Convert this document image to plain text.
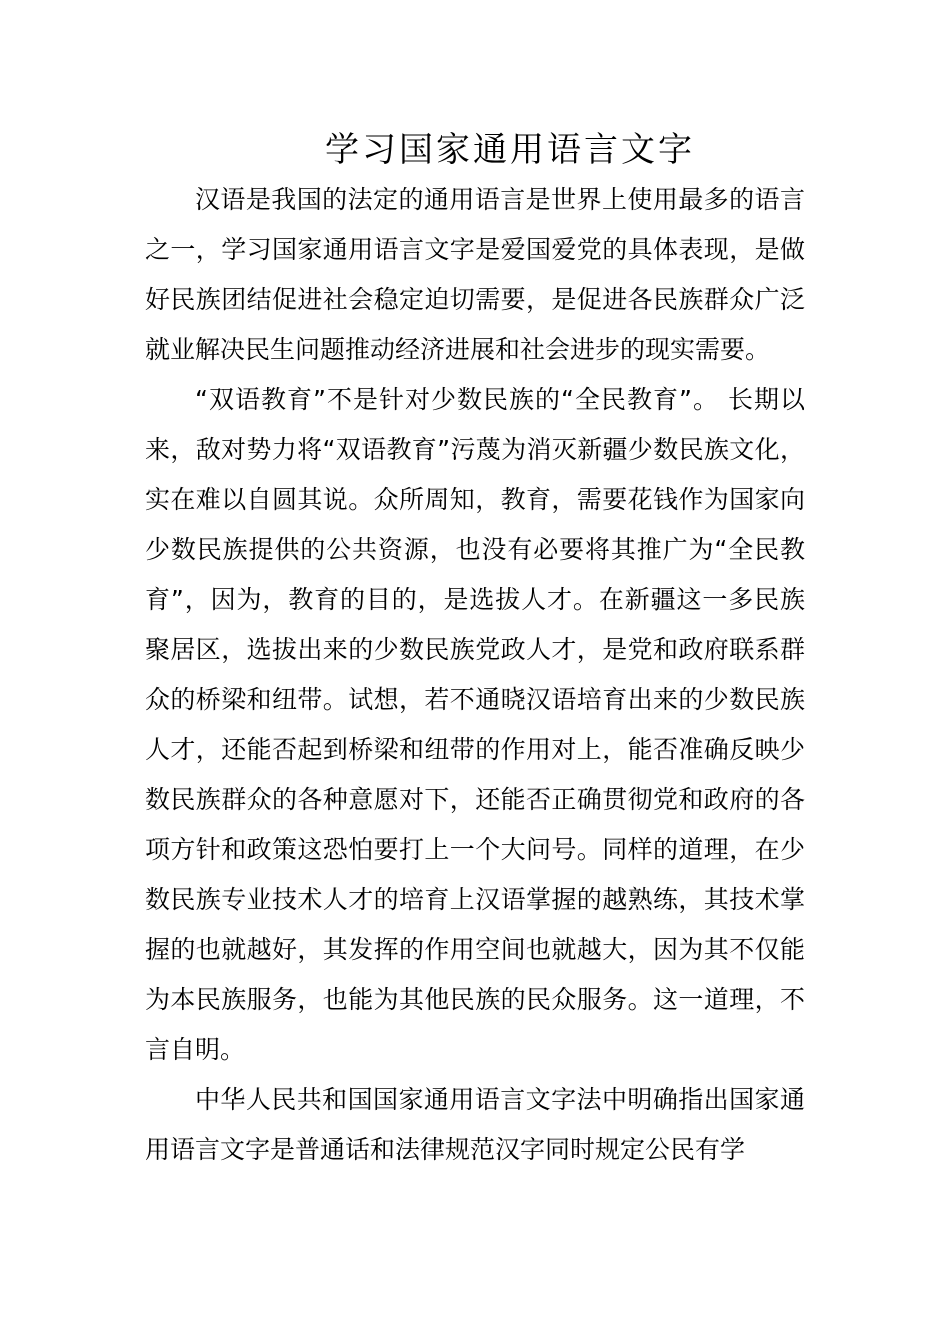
学习国家通用语言文字

汉语是我国的法定的通用语言是世界上使用最多的语言之一，学习国家通用语言文字是爱国爱党的具体表现，是做好民族团结促进社会稳定迫切需要，是促进各民族群众广泛就业解决民生问题推动经济进展和社会进步的现实需要。

“双语教育”不是针对少数民族的“全民教育”。 长期以来，敌对势力将“双语教育”污蔑为消灭新疆少数民族文化，实在难以自圆其说。众所周知，教育，需要花钱作为国家向少数民族提供的公共资源，也没有必要将其推广为“全民教育”，因为，教育的目的，是选拔人才。在新疆这一多民族聚居区，选拔出来的少数民族党政人才，是党和政府联系群众的桥梁和纽带。试想，若不通晓汉语培育出来的少数民族人才，还能否起到桥梁和纽带的作用对上，能否准确反映少数民族群众的各种意愿对下，还能否正确贯彻党和政府的各项方针和政策这恐怕要打上一个大问号。同样的道理，在少数民族专业技术人才的培育上汉语掌握的越熟练，其技术掌握的也就越好，其发挥的作用空间也就越大，因为其不仅能为本民族服务，也能为其他民族的民众服务。这一道理，不言自明。

中华人民共和国国家通用语言文字法中明确指出国家通用语言文字是普通话和法律规范汉字同时规定公民有学
